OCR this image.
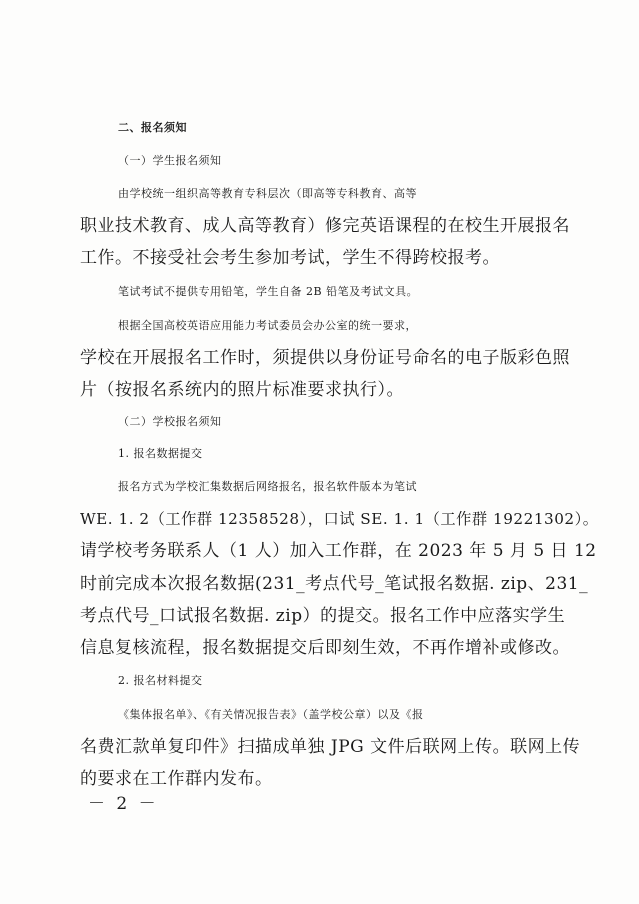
二、报名须知
（一）学生报名须知
由学校统一组织高等教育专科层次（即高等专科教育、高等
职业技术教育、成人高等教育）修完英语课程的在校生开展报名
工作。不接受社会考生参加考试，学生不得跨校报考。
笔试考试不提供专用铅笔，学生自备 2B 铅笔及考试文具。
根据全国高校英语应用能力考试委员会办公室的统一要求，
学校在开展报名工作时，须提供以身份证号命名的电子版彩色照
片（按报名系统内的照片标准要求执行）。
（二）学校报名须知
1. 报名数据提交
报名方式为学校汇集数据后网络报名，报名软件版本为笔试
WE. 1. 2（工作群 12358528），口试 SE. 1. 1（工作群 19221302）。
请学校考务联系人（1 人）加入工作群，在 2023 年 5 月 5 日 12
时前完成本次报名数据(231_考点代号_笔试报名数据. zip、231_
考点代号_口试报名数据. zip）的提交。报名工作中应落实学生
信息复核流程，报名数据提交后即刻生效，不再作增补或修改。
2. 报名材料提交
《集体报名单》、《有关情况报告表》（盖学校公章）以及《报
名费汇款单复印件》扫描成单独 JPG 文件后联网上传。联网上传
的要求在工作群内发布。
－ 2 －
